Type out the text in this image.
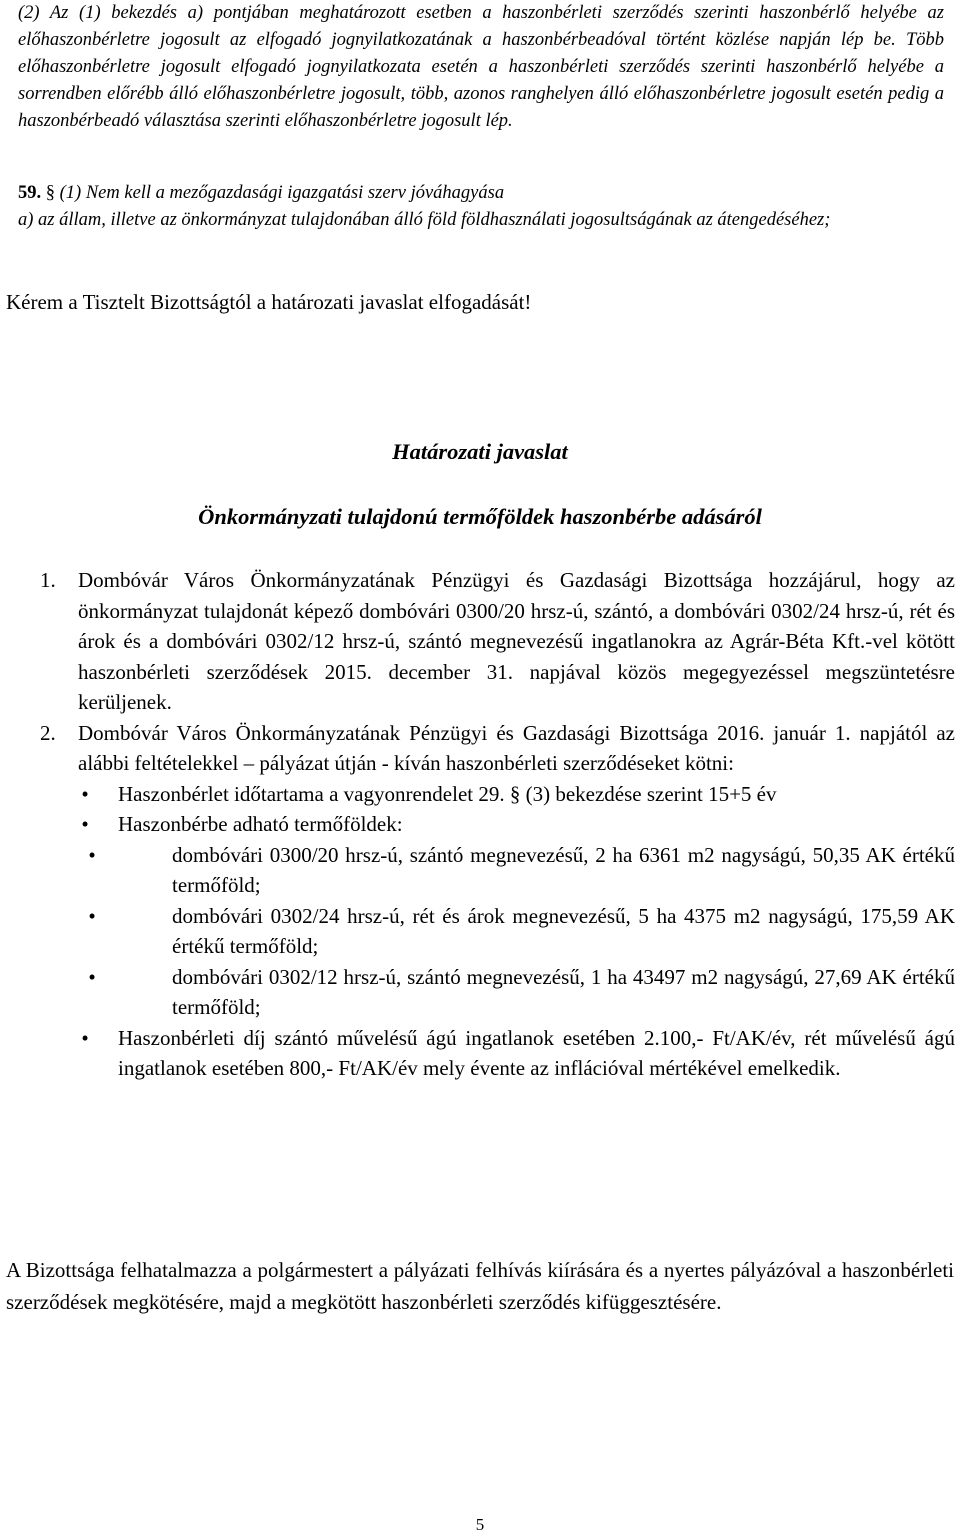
(2) Az (1) bekezdés a) pontjában meghatározott esetben a haszonbérleti szerződés szerinti haszonbérlő helyébe az előhaszonbérletre jogosult az elfogadó jognyilatkozatának a haszonbérbeadóval történt közlése napján lép be. Több előhaszonbérletre jogosult elfogadó jognyilatkozata esetén a haszonbérleti szerződés szerinti haszonbérlő helyébe a sorrendben előrébb álló előhaszonbérletre jogosult, több, azonos ranghelyen álló előhaszonbérletre jogosult esetén pedig a haszonbérbeadó választása szerinti előhaszonbérletre jogosult lép.
59. § (1) Nem kell a mezőgazdasági igazgatási szerv jóváhagyása
a) az állam, illetve az önkormányzat tulajdonában álló föld földhasználati jogosultságának az átengedéséhez;
Kérem a Tisztelt Bizottságtól a határozati javaslat elfogadását!
Határozati javaslat
Önkormányzati tulajdonú termőföldek haszonbérbe adásáról
1. Dombóvár Város Önkormányzatának Pénzügyi és Gazdasági Bizottsága hozzájárul, hogy az önkormányzat tulajdonát képező dombóvári 0300/20 hrsz-ú, szántó, a dombóvári 0302/24 hrsz-ú, rét és árok és a dombóvári 0302/12 hrsz-ú, szántó megnevezésű ingatlanokra az Agrár-Béta Kft.-vel kötött haszonbérleti szerződések 2015. december 31. napjával közös megegyezéssel megszüntetésre kerüljenek.
2. Dombóvár Város Önkormányzatának Pénzügyi és Gazdasági Bizottsága 2016. január 1. napjától az alábbi feltételekkel – pályázat útján - kíván haszonbérleti szerződéseket kötni:
• Haszonbérlet időtartama a vagyonrendelet 29. § (3) bekezdése szerint 15+5 év
• Haszonbérbe adható termőföldek:
•	dombóvári 0300/20 hrsz-ú, szántó megnevezésű, 2 ha 6361 m2 nagyságú, 50,35 AK értékű termőföld;
•	dombóvári 0302/24 hrsz-ú, rét és árok megnevezésű, 5 ha 4375 m2 nagyságú, 175,59 AK értékű termőföld;
•	dombóvári 0302/12 hrsz-ú, szántó megnevezésű, 1 ha 43497 m2 nagyságú, 27,69 AK értékű termőföld;
• Haszonbérleti díj szántó művelésű ágú ingatlanok esetében 2.100,- Ft/AK/év, rét művelésű ágú ingatlanok esetében 800,- Ft/AK/év mely évente az inflációval mértékével emelkedik.
A Bizottsága felhatalmazza a polgármestert a pályázati felhívás kiírására és a nyertes pályázóval a haszonbérleti szerződések megkötésére, majd a megkötött haszonbérleti szerződés kifüggesztésére.
5
